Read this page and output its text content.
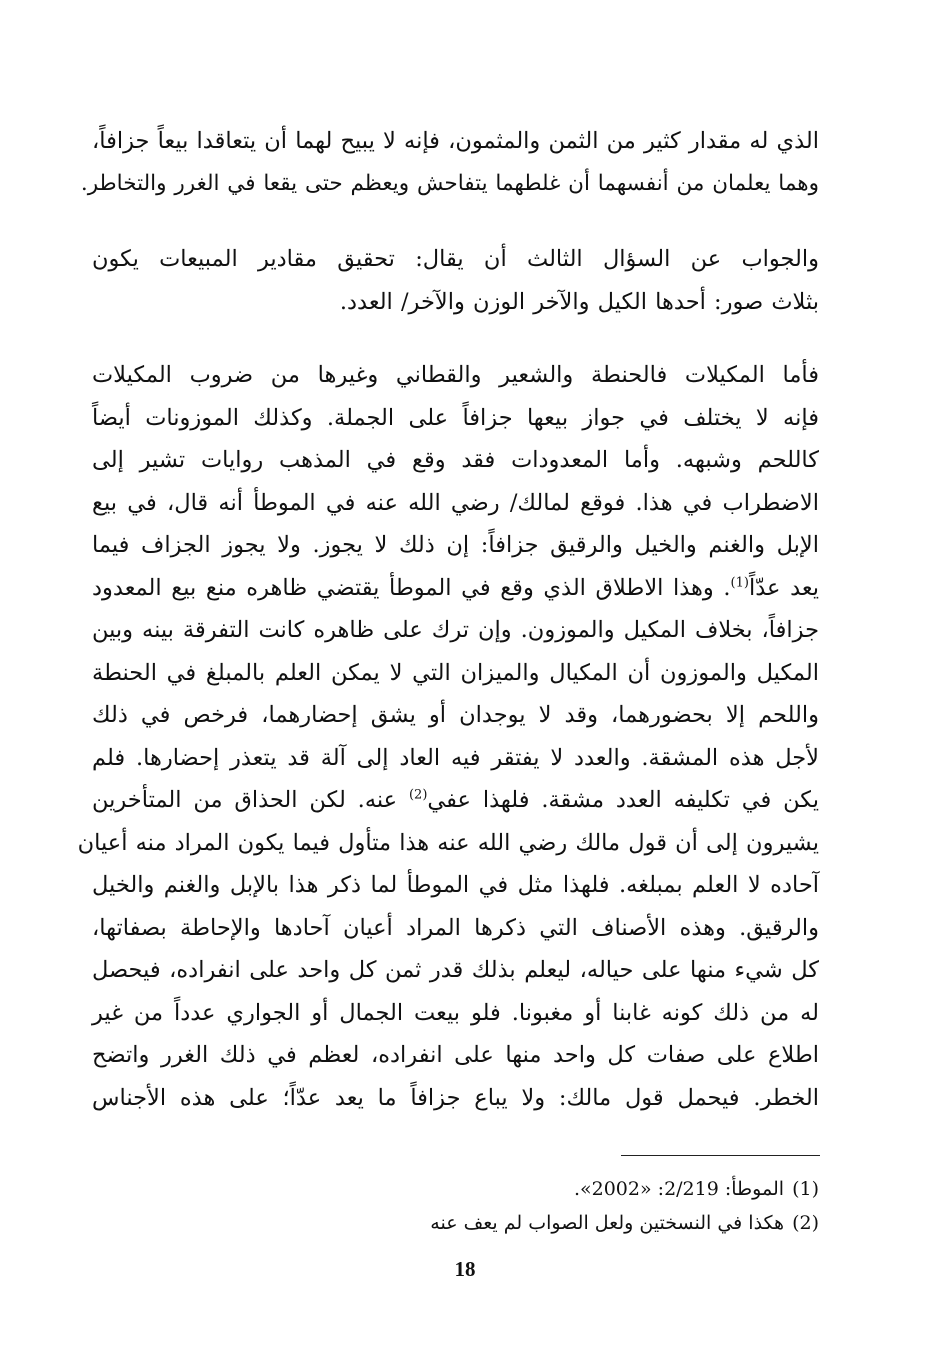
الذي له مقدار كثير من الثمن والمثمون، فإنه لا يبيح لهما أن يتعاقدا بيعاً جزافاً،
وهما يعلمان من أنفسهما أن غلطهما يتفاحش ويعظم حتى يقعا في الغرر والتخاطر.
والجواب عن السؤال الثالث أن يقال: تحقيق مقادير المبيعات يكون
بثلاث صور: أحدها الكيل والآخر الوزن والآخر/ العدد.
فأما المكيلات فالحنطة والشعير والقطاني وغيرها من ضروب المكيلات
فإنه لا يختلف في جواز بيعها جزافاً على الجملة. وكذلك الموزونات أيضاً
كاللحم وشبهه. وأما المعدودات فقد وقع في المذهب روايات تشير إلى
الاضطراب في هذا. فوقع لمالك/ رضي الله عنه في الموطأ أنه قال، في بيع
الإبل والغنم والخيل والرقيق جزافاً: إن ذلك لا يجوز. ولا يجوز الجزاف فيما
يعد عدّاً$^{(1)}$. وهذا الاطلاق الذي وقع في الموطأ يقتضي ظاهره منع بيع المعدود
جزافاً، بخلاف المكيل والموزون. وإن ترك على ظاهره كانت التفرقة بينه وبين
المكيل والموزون أن المكيال والميزان التي لا يمكن العلم بالمبلغ في الحنطة
واللحم إلا بحضورهما، وقد لا يوجدان أو يشق إحضارهما، فرخص في ذلك
لأجل هذه المشقة. والعدد لا يفتقر فيه العاد إلى آلة قد يتعذر إحضارها. فلم
يكن في تكليفه العدد مشقة. فلهذا عفي$^{(2)}$ عنه. لكن الحذاق من المتأخرين
يشيرون إلى أن قول مالك رضي الله عنه هذا متأول فيما يكون المراد منه أعيان
آحاده لا العلم بمبلغه. فلهذا مثل في الموطأ لما ذكر هذا بالإبل والغنم والخيل
والرقيق. وهذه الأصناف التي ذكرها المراد أعيان آحادها والإحاطة بصفاتها،
كل شيء منها على حياله، ليعلم بذلك قدر ثمن كل واحد على انفراده، فيحصل
له من ذلك كونه غابنا أو مغبونا. فلو بيعت الجمال أو الجواري عدداً من غير
اطلاع على صفات كل واحد منها على انفراده، لعظم في ذلك الغرر واتضح
الخطر. فيحمل قول مالك: ولا يباع جزافاً ما يعد عدّاً؛ على هذه الأجناس
(1)الموطأ: 2/219: «2002».
(2)هكذا في النسختين ولعل الصواب لم يعف عنه
18
